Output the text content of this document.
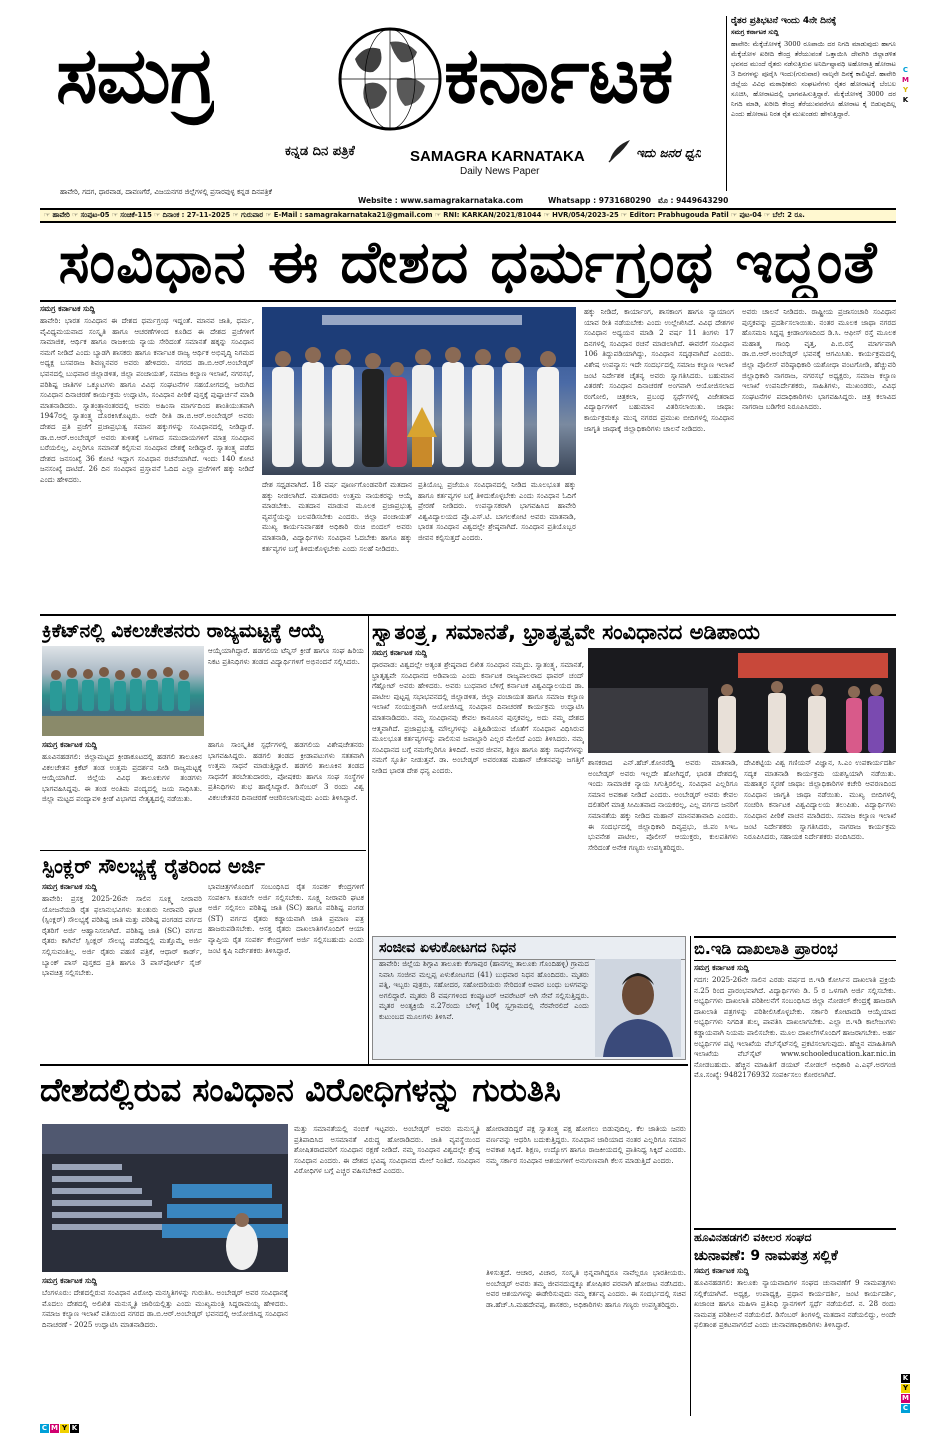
ಸಮಗ್ರ	ಕರ್ನಾಟಕ
ಕನ್ನಡ ದಿನ ಪತ್ರಿಕೆ	SAMAGRA KARNATAKA
Daily News Paper
ಇದು ಜನರ ಧ್ವನಿ
ರೈತರ ಪ್ರತಿಭಟನೆ ಇಂದು 4ನೇ ದಿನಕ್ಕೆ
ಸಮಗ್ರ ಕರ್ನಾಟಕ ಸುದ್ದಿ
ಹಾವೇರಿ: ಮೆಕ್ಕೆಜೋಳಕ್ಕೆ 3000 ರೂಪಾಯಿ ದರ ನಿಗದಿ ಮಾಡುವುದು ಹಾಗೂ ಮೆಕ್ಕೆಜೋಳ ಖರೀದಿ ಕೇಂದ್ರ ತೆರೆಯುವಂತೆ ಒತ್ತಾಯಿಸಿ ದೇವಗಿರಿ ಜಿಲ್ಲಾಡಳಿತ ಭವನದ ಮುಂದೆ ರೈತರು ನಡೆಸುತ್ತಿರುವ ಅನಿರ್ದಿಷ್ಟಾವಧಿ ಅಹೋರಾತ್ರಿ ಹೋರಾಟ 3 ದಿನಗಳನ್ನು ಪೂರೈಸಿ ಇಂದು(ಗುರುವಾರ) ನಾಲ್ಕನೇ ದಿನಕ್ಕೆ ಕಾಲಿಟ್ಟಿದೆ. ಹಾವೇರಿ ಜಿಲ್ಲೆಯ ವಿವಿಧ ಮಠಾಧೀಶರು ಸಂಘಟನೆಗಳು ರೈತರ ಹೋರಾಟಕ್ಕೆ ಬೆಂಬಲ ಸೂಚಿಸಿ, ಹೋರಾಟದಲ್ಲಿ ಭಾಗವಹಿಸುತ್ತಿದ್ದಾರೆ. ಮೆಕ್ಕೆಜೋಳಕ್ಕೆ 3000 ದರ ನಿಗದಿ ಮಾಡಿ, ಖರೀದಿ ಕೇಂದ್ರ ತೆರೆಯುವವರೆಗೂ ಹೋರಾಟ ಕೈ ಬಿಡುವುದಿಲ್ಲ ಎಂದು ಹೋರಾಟ ನಿರತ ರೈತ ಮುಖಂಡರು ಹೇಳುತ್ತಿದ್ದಾರೆ.
C
M
Y
K
ಹಾವೇರಿ, ಗದಗ, ಧಾರವಾಡ, ದಾವಣಗೆರೆ, ವಿಜಯನಗರ ಜಿಲ್ಲೆಗಳಲ್ಲಿ ಪ್ರಸಾರವುಳ್ಳ ಕನ್ನಡ ದಿನಪತ್ರಿಕೆ
Website : www.samagrakarnataka.com	Whatsapp : 9731680290 ಮೊ : 9449643290
☞ ಹಾವೇರಿ ☞ ಸಂಪುಟ-05 ☞ ಸಂಚಿಕೆ-115 ☞ ದಿನಾಂಕ : 27-11-2025 ☞ ಗುರುವಾರ ☞ E-Mail : samagrakarnataka21@gmail.com ☞ RNI: KARKAN/2021/81044 ☞ HVR/054/2023-25 ☞ Editor: Prabhugouda Patil ☞ ಪುಟ-04 ☞ ಬೆಲೆ: 2 ರೂ.
ಸಂವಿಧಾನ ಈ ದೇಶದ ಧರ್ಮಗ್ರಂಥ ಇದ್ದಂತೆ
ಸಮಗ್ರ ಕರ್ನಾಟಕ ಸುದ್ದಿ
ಹಾವೇರಿ: ಭಾರತ ಸಂವಿಧಾನ ಈ ದೇಶದ ಧರ್ಮಗ್ರಂಥ ಇದ್ದಂತೆ. ಮಾನವ ಜಾತಿ, ಧರ್ಮ, ವೈವಿಧ್ಯಮಯವಾದ ಸಂಸ್ಕೃತಿ ಹಾಗೂ ಆಚರಣೆಗಳಿಂದ ಕೂಡಿದ ಈ ದೇಶದ ಪ್ರಜೆಗಳಿಗೆ ಸಾಮಾಜಿಕ, ಆರ್ಥಿಕ ಹಾಗೂ ರಾಜಕೀಯ ನ್ಯಾಯ ಸೇರಿದಂತೆ ಸಮಾನತೆ ಹಕ್ಕನ್ನು ಸಂವಿಧಾನ ನಮಗೆ ನೀಡಿದೆ ಎಂದು ಬ್ಯಾಡಗಿ ಶಾಸಕರು ಹಾಗೂ ಕರ್ನಾಟಕ ರಾಜ್ಯ ಆರ್ಥಿಕ ಅಭಿವೃದ್ಧಿ ನಿಗಮದ ಅಧ್ಯಕ್ಷ ಬಸವರಾಜ ಶಿವಣ್ಣನವರ ಅವರು ಹೇಳಿದರು. ನಗರದ ಡಾ.ಬಿ.ಆರ್.ಅಂಬೇಡ್ಕರ್ ಭವನದಲ್ಲಿ ಬುಧವಾರ ಜಿಲ್ಲಾಡಳಿತ, ಜಿಲ್ಲಾ ಪಂಚಾಯತ್, ಸಮಾಜ ಕಲ್ಯಾಣ ಇಲಾಖೆ, ನಗರಸಭೆ, ಪರಿಶಿಷ್ಟ ಜಾತಿಗಳ ಒಕ್ಕೂಟಗಳು ಹಾಗೂ ವಿವಿಧ ಸಂಘಟನೆಗಳ ಸಹಯೋಗದಲ್ಲಿ ಜರುಗಿದ ಸಂವಿಧಾನ ದಿನಾಚರಣೆ ಕಾರ್ಯಕ್ರಮ ಉದ್ಘಾಟಿಸಿ, ಸಂವಿಧಾನ ಪೀಠಿಕೆ ಪುಸ್ತಕ್ಕೆ ಪುಷ್ಪಾರ್ಚನೆ ಮಾಡಿ ಮಾತನಾಡಿದರು. ಸ್ವಾತಂತ್ರ್ಯಾನಂತರದಲ್ಲಿ ಅವರು ಅಹಿಂಸಾ ಮಾರ್ಗದಿಂದ ಶಾಂತಿಯುತವಾಗಿ 1947ರಲ್ಲಿ ಸ್ವಾತಂತ್ರ್ಯ ದೊರಕಿಸಿಕೊಟ್ಟರು. ಅದೇ ರೀತಿ ಡಾ.ಬಿ.ಆರ್.ಅಂಬೇಡ್ಕರ್ ಅವರು ದೇಶದ ಪ್ರತಿ ಪ್ರಜೆಗೆ ಪ್ರಜಾಪ್ರಭುತ್ವ ಸಮಾನ ಹಕ್ಕುಗಳನ್ನು ಸಂವಿಧಾನದಲ್ಲಿ ನೀಡಿದ್ದಾರೆ. ಡಾ.ಬಿ.ಆರ್.ಅಂಬೇಡ್ಕರ್ ಅವರು ತುಳಿತಕ್ಕೆ ಒಳಗಾದ ಸಮುದಾಯಗಳಿಗೆ ಮಾತ್ರ ಸಂವಿಧಾನ ಬರೆಯಲಿಲ್ಲ, ಎಲ್ಲರಿಗೂ ಸಮಾನತೆ ಕಲ್ಪಿಸುವ ಸಂವಿಧಾನ ದೇಶಕ್ಕೆ ನೀಡಿದ್ದಾರೆ. ಸ್ವಾತಂತ್ರ್ಯ ಪಡೆದ ದೇಶದ ಜನಸಂಖ್ಯೆ 36 ಕೋಟಿ ಇದ್ದಾಗ ಸಂವಿಧಾನ ರಚನೆಯಾಗಿದೆ. ಇಂದು 140 ಕೋಟಿ ಜನಸಂಖ್ಯೆ ದಾಟಿದೆ. 26 ದಿನ ಸಂವಿಧಾನ ಪ್ರಸ್ತಾವನೆ ಓದಿದ ಎಲ್ಲಾ ಪ್ರಜೆಗಳಿಗೆ ಹಕ್ಕು ನೀಡಿದೆ ಎಂದು ಹೇಳಿದರು.
ದೇಶ ಸಧೃಡವಾಗಿದೆ. 18 ವರ್ಷ ಪೂರ್ಣಗೊಂಡವರಿಗೆ ಮತದಾನ ಹಕ್ಕು ನೀಡಲಾಗಿದೆ. ಮತದಾರರು ಉತ್ತಮ ನಾಯಕರನ್ನು ಆಯ್ಕೆ ಮಾಡಬೇಕು. ಮತದಾನ ಮಾಡುವ ಮೂಲಕ ಪ್ರಜಾಪ್ರಭುತ್ವ ವ್ಯವಸ್ಥೆಯನ್ನು ಬಲಪಡಿಸಬೇಕು ಎಂದರು. ಜಿಲ್ಲಾ ಪಂಚಾಯತ್ ಮುಖ್ಯ ಕಾರ್ಯನಿರ್ವಾಹಕ ಅಧಿಕಾರಿ ರುಚಿ ಬಿಂದಲ್ ಅವರು ಮಾತನಾಡಿ, ವಿದ್ಯಾರ್ಥಿಗಳು ಸಂವಿಧಾನ ಓದಬೇಕು ಹಾಗೂ ಹಕ್ಕು ಕರ್ತವ್ಯಗಳ ಬಗ್ಗೆ ತಿಳಿದುಕೊಳ್ಳಬೇಕು ಎಂದು ಸಲಹೆ ನೀಡಿದರು.
ಪ್ರತಿಯೊಬ್ಬ ಪ್ರಜೆಯೂ ಸಂವಿಧಾನದಲ್ಲಿ ನೀಡಿದ ಮೂಲಭೂತ ಹಕ್ಕು ಹಾಗೂ ಕರ್ತವ್ಯಗಳ ಬಗ್ಗೆ ತಿಳಿದುಕೊಳ್ಳಬೇಕು ಎಂದು ಸಂವಿಧಾನ ಓದಿಗೆ ಪ್ರೇರಣೆ ನೀಡಿದರು. ಉಪನ್ಯಾಸಕರಾಗಿ ಭಾಗವಹಿಸಿದ ಹಾವೇರಿ ವಿಶ್ವವಿದ್ಯಾಲಯದ ಪ್ರೊ.ಎಸ್.ಟಿ. ಬಾಗಲಕೋಟಿ ಅವರು ಮಾತನಾಡಿ, ಭಾರತ ಸಂವಿಧಾನ ವಿಶ್ವದಲ್ಲೇ ಶ್ರೇಷ್ಠವಾಗಿದೆ. ಸಂವಿಧಾನ ಪ್ರತಿಯೊಬ್ಬರ ಜೀವನ ಕಲ್ಪಿಸುತ್ತದೆ ಎಂದರು.
ಹಕ್ಕು ನೀಡಿದೆ, ಕಾರ್ಯಾಂಗ, ಶಾಸಕಾಂಗ ಹಾಗೂ ನ್ಯಾಯಾಂಗ ಯಾವ ರೀತಿ ನಡೆಯಬೇಕು ಎಂದು ಉಲ್ಲೇಖಿಸಿದೆ. ವಿವಿಧ ದೇಶಗಳ ಸಂವಿಧಾನ ಅಧ್ಯಯನ ಮಾಡಿ 2 ವರ್ಷ 11 ತಿಂಗಳು 17 ದಿನಗಳಲ್ಲಿ ಸಂವಿಧಾನ ರಚನೆ ಮಾಡಲಾಗಿದೆ. ಈವರೆಗೆ ಸಂವಿಧಾನ 106 ತಿದ್ದುಪಡಿಯಾಗಿದ್ದು, ಸಂವಿಧಾನ ಸದೃಢವಾಗಿದೆ ಎಂದರು. ವಿಶೇಷ ಉಪನ್ಯಾಸ: ಇದೇ ಸಂದರ್ಭದಲ್ಲಿ ಸಮಾಜ ಕಲ್ಯಾಣ ಇಲಾಖೆ ಜಂಟಿ ನಿರ್ದೇಶಕ ಚೈತನ್ಯ ಅವರು ಸ್ವಾಗತಿಸಿದರು. ಬಹುಮಾನ ವಿತರಣೆ: ಸಂವಿಧಾನ ದಿನಾಚರಣೆ ಅಂಗವಾಗಿ ಆಯೋಜಿಸಲಾದ ರಂಗೋಲಿ, ಚಿತ್ರಕಲಾ, ಪ್ರಬಂಧ ಸ್ಪರ್ಧೆಗಳಲ್ಲಿ ವಿಜೇತರಾದ ವಿದ್ಯಾರ್ಥಿಗಳಿಗೆ ಬಹುಮಾನ ವಿತರಿಸಲಾಯಿತು. ಜಾಥಾ: ಕಾರ್ಯಕ್ರಮಕ್ಕೂ ಮುನ್ನ ನಗರದ ಪ್ರಮುಖ ಬೀದಿಗಳಲ್ಲಿ ಸಂವಿಧಾನ ಜಾಗೃತಿ ಜಾಥಾಕ್ಕೆ ಜಿಲ್ಲಾಧಿಕಾರಿಗಳು ಚಾಲನೆ ನೀಡಿದರು.
ಅವರು ಚಾಲನೆ ನೀಡಿದರು. ರಾಷ್ಟ್ರೀಯ ಪ್ರಜಾಸಂಚಾರಿ ಸಂವಿಧಾನ ಪುಸ್ತಕವನ್ನು ಪ್ರದರ್ಶಿಸಲಾಯಿತು. ನಂತರ ಮೂಲಕ ಜಾಥಾ ನಗರದ ಹೊಸಮನಿ ಸಿದ್ದಪ್ಪ ಕ್ರೀಡಾಂಗಣದಿಂದ ಡಿ.ಸಿ. ಆಫೀಸ್ ರಸ್ತೆ ಮೂಲಕ ಮಹಾತ್ಮ ಗಾಂಧಿ ವೃತ್ತ, ಪಿ.ಬಿ.ರಸ್ತೆ ಮಾರ್ಗವಾಗಿ ಡಾ.ಬಿ.ಆರ್.ಅಂಬೇಡ್ಕರ್ ಭವನಕ್ಕೆ ಆಗಮಿಸಿತು. ಕಾರ್ಯಕ್ರಮದಲ್ಲಿ ಜಿಲ್ಲಾ ಪೊಲೀಸ್ ವರಿಷ್ಠಾಧಿಕಾರಿ ಯಶೋಧಾ ವಂಟಗೋಡಿ, ಹೆಚ್ಚುವರಿ ಜಿಲ್ಲಾಧಿಕಾರಿ ನಾಗರಾಜ, ನಗರಸಭೆ ಅಧ್ಯಕ್ಷರು, ಸಮಾಜ ಕಲ್ಯಾಣ ಇಲಾಖೆ ಉಪನಿರ್ದೇಶಕರು, ಸಾಹಿತಿಗಳು, ಮುಖಂಡರು, ವಿವಿಧ ಸಂಘಟನೆಗಳ ಪದಾಧಿಕಾರಿಗಳು ಭಾಗವಹಿಸಿದ್ದರು. ಚಿತ್ರ ಕಲಾವಿದ ನಾಗರಾಜ ಬಡಿಗೇರ ನಿರೂಪಿಸಿದರು.
ಕ್ರಿಕೆಟ್‌ನಲ್ಲಿ ವಿಕಲಚೇತನರು ರಾಜ್ಯಮಟ್ಟಕ್ಕೆ ಆಯ್ಕೆ
ಆಯ್ಕೆಯಾಗಿದ್ದಾರೆ. ಹಡಗಲಿಯ ಟೆನ್ನಿಸ್ ಕ್ರೀಡೆ ಹಾಗೂ ಸಂಘ ಹಿರಿಯ ನಿಕಟ ಪ್ರತಿನಿಧಿಗಳು ತಂಡದ ವಿದ್ಯಾರ್ಥಿಗಳಿಗೆ ಅಭಿನಂದನೆ ಸಲ್ಲಿಸಿದರು.
ಸಮಗ್ರ ಕರ್ನಾಟಕ ಸುದ್ದಿ
ಹೂವಿನಹಡಗಲಿ: ಜಿಲ್ಲಾಮಟ್ಟದ ಕ್ರೀಡಾಕೂಟದಲ್ಲಿ ಹಡಗಲಿ ತಾಲೂಕಿನ ವಿಕಲಚೇತನ ಕ್ರಿಕೆಟ್ ತಂಡ ಉತ್ತಮ ಪ್ರದರ್ಶನ ನೀಡಿ ರಾಜ್ಯಮಟ್ಟಕ್ಕೆ ಆಯ್ಕೆಯಾಗಿದೆ. ಜಿಲ್ಲೆಯ ವಿವಿಧ ತಾಲೂಕುಗಳ ತಂಡಗಳು ಭಾಗವಹಿಸಿದ್ದವು. ಈ ತಂಡ ಅಂತಿಮ ಪಂದ್ಯದಲ್ಲಿ ಜಯ ಸಾಧಿಸಿತು. ಜಿಲ್ಲಾ ಮಟ್ಟದ ಪಂದ್ಯಾವಳಿ ಕ್ರೀಡೆ ವಿಭಾಗದ ನೇತೃತ್ವದಲ್ಲಿ ನಡೆಯಿತು.
ಹಾಗೂ ಸಾಂಸ್ಕೃತಿಕ ಸ್ಪರ್ಧೆಗಳಲ್ಲಿ ಹಡಗಲಿಯ ವಿಶೇಷಚೇತನರು ಭಾಗವಹಿಸಿದ್ದರು. ಹಡಗಲಿ ತಂಡದ ಕ್ರೀಡಾಪಟುಗಳು ಸತತವಾಗಿ ಉತ್ತಮ ಸಾಧನೆ ಮಾಡುತ್ತಿದ್ದಾರೆ. ಹಡಗಲಿ ತಾಲೂಕಿನ ತಂಡದ ಸಾಧನೆಗೆ ತರಬೇತುದಾರರು, ಪೋಷಕರು ಹಾಗೂ ಸಂಘ ಸಂಸ್ಥೆಗಳ ಪ್ರತಿನಿಧಿಗಳು ಶುಭ ಹಾರೈಸಿದ್ದಾರೆ. ಡಿಸೆಂಬರ್ 3 ರಂದು ವಿಶ್ವ ವಿಕಲಚೇತನರ ದಿನಾಚರಣೆ ಆಚರಿಸಲಾಗುವುದು ಎಂದು ತಿಳಿಸಿದ್ದಾರೆ.
ಸ್ಪಿಂಕ್ಲರ್ ಸೌಲಭ್ಯಕ್ಕೆ ರೈತರಿಂದ ಅರ್ಜಿ
ಸಮಗ್ರ ಕರ್ನಾಟಕ ಸುದ್ದಿ
ಹಾವೇರಿ: ಪ್ರಸಕ್ತ 2025-26ನೇ ಸಾಲಿನ ಸೂಕ್ಷ್ಮ ನೀರಾವರಿ ಯೋಜನೆಯಡಿ ರೈತ ಫಲಾನುಭವಿಗಳು ತುಂತುರು ನೀರಾವರಿ ಘಟಕ (ಸ್ಪಿಂಕ್ಲರ್) ಸೌಲಭ್ಯಕ್ಕೆ ಪರಿಶಿಷ್ಟ ಜಾತಿ ಮತ್ತು ಪರಿಶಿಷ್ಟ ಪಂಗಡದ ವರ್ಗದ ರೈತರಿಗೆ ಅರ್ಜಿ ಆಹ್ವಾನಿಸಲಾಗಿದೆ. ಪರಿಶಿಷ್ಟ ಜಾತಿ (SC) ವರ್ಗದ ರೈತರು ಕಾಗಿನೆಲೆ ಸ್ಪಿಂಕ್ಲರ್ ಸೌಲಭ್ಯ ಪಡೆದಿದ್ದಲ್ಲಿ ಮತ್ತೊಮ್ಮೆ ಅರ್ಜಿ ಸಲ್ಲಿಸುವಂತಿಲ್ಲ. ಅರ್ಜಿ ರೈತರು ಪಹಣಿ ಪತ್ರಿಕೆ, ಆಧಾರ್ ಕಾರ್ಡ್, ಬ್ಯಾಂಕ್ ಪಾಸ್ ಪುಸ್ತಕದ ಪ್ರತಿ ಹಾಗೂ 3 ಪಾಸ್‌ಪೋರ್ಟ್ ಸೈಜ್ ಭಾವಚಿತ್ರ ಸಲ್ಲಿಸಬೇಕು.
ಭಾವಚಿತ್ರಗಳೊಂದಿಗೆ ಸಂಬಂಧಿಸಿದ ರೈತ ಸಂಪರ್ಕ ಕೇಂದ್ರಗಳಿಗೆ ಸಂಪರ್ಕಿಸಿ ಕೂಡಲೇ ಅರ್ಜಿ ಸಲ್ಲಿಸಬೇಕು. ಸೂಕ್ಷ್ಮ ನೀರಾವರಿ ಘಟಕ ಅರ್ಜಿ ಸಲ್ಲಿಸಲು ಪರಿಶಿಷ್ಟ ಜಾತಿ (SC) ಹಾಗೂ ಪರಿಶಿಷ್ಟ ಪಂಗಡ (ST) ವರ್ಗದ ರೈತರು ಕಡ್ಡಾಯವಾಗಿ ಜಾತಿ ಪ್ರಮಾಣ ಪತ್ರ ಹಾಜರುಪಡಿಸಬೇಕು. ಆಸಕ್ತ ರೈತರು ದಾಖಲಾತಿಗಳೊಂದಿಗೆ ಆಯಾ ವ್ಯಾಪ್ತಿಯ ರೈತ ಸಂಪರ್ಕ ಕೇಂದ್ರಗಳಿಗೆ ಅರ್ಜಿ ಸಲ್ಲಿಸಬಹುದು ಎಂದು ಜಂಟಿ ಕೃಷಿ ನಿರ್ದೇಶಕರು ತಿಳಿಸಿದ್ದಾರೆ.
ಸ್ವಾತಂತ್ರ್ಯ, ಸಮಾನತೆ, ಭ್ರಾತೃತ್ವವೇ ಸಂವಿಧಾನದ ಅಡಿಪಾಯ
ಸಮಗ್ರ ಕರ್ನಾಟಕ ಸುದ್ದಿ
ಧಾರವಾಡ: ವಿಶ್ವದಲ್ಲೇ ಅತ್ಯಂತ ಶ್ರೇಷ್ಠವಾದ ಲಿಖಿತ ಸಂವಿಧಾನ ನಮ್ಮದು. ಸ್ವಾತಂತ್ರ್ಯ, ಸಮಾನತೆ, ಭ್ರಾತೃತ್ವವೇ ಸಂವಿಧಾನದ ಅಡಿಪಾಯ ಎಂದು ಕರ್ನಾಟಕ ರಾಜ್ಯಪಾಲರಾದ ಥಾವರ್ ಚಂದ್ ಗೆಹ್ಲೋಟ್ ಅವರು ಹೇಳಿದರು. ಅವರು ಬುಧವಾರ ಬೆಳಿಗ್ಗೆ ಕರ್ನಾಟಕ ವಿಶ್ವವಿದ್ಯಾಲಯದ ಡಾ. ಪಾಟೀಲ ಪುಟ್ಟಪ್ಪ ಸಭಾಭವನದಲ್ಲಿ ಜಿಲ್ಲಾಡಳಿತ, ಜಿಲ್ಲಾ ಪಂಚಾಯತ ಹಾಗೂ ಸಮಾಜ ಕಲ್ಯಾಣ ಇಲಾಖೆ ಸಂಯುಕ್ತವಾಗಿ ಆಯೋಜಿಸಿದ್ದ ಸಂವಿಧಾನ ದಿನಾಚರಣೆ ಕಾರ್ಯಕ್ರಮ ಉದ್ಘಾಟಿಸಿ ಮಾತನಾಡಿದರು. ನಮ್ಮ ಸಂವಿಧಾನವು ಕೇವಲ ಕಾನೂನಿನ ಪುಸ್ತಕವಲ್ಲ, ಅದು ನಮ್ಮ ದೇಶದ ಆತ್ಮವಾಗಿದೆ. ಪ್ರಜಾಪ್ರಭುತ್ವ ಮೌಲ್ಯಗಳನ್ನು ಎತ್ತಿಹಿಡಿಯುವ ಜೊತೆಗೆ ಸಂವಿಧಾನ ವಿಧಿಸಿರುವ ಮೂಲಭೂತ ಕರ್ತವ್ಯಗಳನ್ನು ಪಾಲಿಸುವ ಜವಾಬ್ದಾರಿ ಎಲ್ಲರ ಮೇಲಿದೆ ಎಂದು ತಿಳಿಸಿದರು. ನಮ್ಮ ಸಂವಿಧಾನದ ಬಗ್ಗೆ ನಮಗೆಲ್ಲರಿಗೂ ತಿಳಿದಿದೆ. ಅವರ ಜೀವನ, ಶಿಕ್ಷಣ ಹಾಗೂ ಹಕ್ಕು ಸಾಧನೆಗಳನ್ನು ನಮಗೆ ಸ್ಫೂರ್ತಿ ನೀಡುತ್ತವೆ. ಡಾ. ಅಂಬೇಡ್ಕರ್ ಅವರಂತಹ ಮಹಾನ್ ಚೇತನವನ್ನು ಜಗತ್ತಿಗೆ ನೀಡಿದ ಭಾರತ ದೇಶ ಧನ್ಯ ಎಂದರು.
ಶಾಸಕರಾದ ಎನ್.ಹೆಚ್.ಕೋನರೆಡ್ಡಿ ಅವರು ಮಾತನಾಡಿ, ಅಂಬೇಡ್ಕರ್ ಅವರು ಇಲ್ಲದೇ ಹೋಗಿದ್ದರೆ, ಭಾರತ ದೇಶದಲ್ಲಿ ಇಂದು ಸಾಮಾಜಿಕ ನ್ಯಾಯ ಸಿಗುತ್ತಿರಲಿಲ್ಲ. ಸಂವಿಧಾನ ಎಲ್ಲರಿಗೂ ಸಮಾನ ಅವಕಾಶ ನೀಡಿದೆ ಎಂದರು. ಅಂಬೇಡ್ಕರ್ ಅವರು ಕೇವಲ ದಲಿತರಿಗೆ ಮಾತ್ರ ಸೀಮಿತವಾದ ನಾಯಕರಲ್ಲ, ಎಲ್ಲ ವರ್ಗದ ಜನರಿಗೆ ಸಮಾನತೆಯ ಹಕ್ಕು ನೀಡಿದ ಮಹಾನ್ ಮಾನವತಾವಾದಿ ಎಂದರು. ಈ ಸಂದರ್ಭದಲ್ಲಿ ಜಿಲ್ಲಾಧಿಕಾರಿ ದಿವ್ಯಪ್ರಭು, ಜಿ.ಪಂ ಸಿಇಒ ಭುವನೇಶ ಪಾಟೀಲ, ಪೊಲೀಸ್ ಆಯುಕ್ತರು, ಕುಲಪತಿಗಳು ಸೇರಿದಂತೆ ಅನೇಕ ಗಣ್ಯರು ಉಪಸ್ಥಿತರಿದ್ದರು.
ದೇವಿಕಟ್ಟಿಯ ವಿಶ್ವ ಗಣಿಯನ್ ವಿಜ್ಞಾನ, ಸಿ.ಎಂ ಉಪಕಾರ್ಯದರ್ಶಿ ಸದ್ಯಕ ಮಾತನಾಡಿ ಕಾರ್ಯಕ್ರಮ ಯಶಸ್ವಿಯಾಗಿ ನಡೆಯಿತು. ಮಹಾತ್ಮರ ಸ್ಮರಣೆ ಜಾಥಾ: ಜಿಲ್ಲಾಧಿಕಾರಿಗಳ ಕಚೇರಿ ಆವರಣದಿಂದ ಸಂವಿಧಾನ ಜಾಗೃತಿ ಜಾಥಾ ನಡೆಯಿತು. ಮುಖ್ಯ ಬೀದಿಗಳಲ್ಲಿ ಸಂಚರಿಸಿ ಕರ್ನಾಟಕ ವಿಶ್ವವಿದ್ಯಾಲಯ ತಲುಪಿತು. ವಿದ್ಯಾರ್ಥಿಗಳು ಸಂವಿಧಾನ ಪೀಠಿಕೆ ವಾಚನ ಮಾಡಿದರು. ಸಮಾಜ ಕಲ್ಯಾಣ ಇಲಾಖೆ ಜಂಟಿ ನಿರ್ದೇಶಕರು ಸ್ವಾಗತಿಸಿದರು, ನಾಗರಾಜ ಕಾರ್ಯಕ್ರಮ ನಿರೂಪಿಸಿದರು, ಸಹಾಯಕ ನಿರ್ದೇಶಕರು ವಂದಿಸಿದರು.
ಸಂಜೀವ ಏಳುಕೋಟಗದ ನಿಧನ
ಹಾವೇರಿ: ಜಿಲ್ಲೆಯ ಶಿಗ್ಗಾವಿ ತಾಲೂಕು ಕೆಂಗಾಪುರ (ಹಾನಗಲ್ಲ ತಾಲೂಕು ಗೊಂದಿಹಳ್ಳಿ) ಗ್ರಾಮದ ನಿವಾಸಿ ಸಂಜೀವ ಮಲ್ಲಪ್ಪ ಏಳುಕೋಟಗದ (41) ಬುಧವಾರ ನಿಧನ ಹೊಂದಿದರು. ಮೃತರು ಪತ್ನಿ, ಇಬ್ಬರು ಪುತ್ರರು, ಸಹೋದರ, ಸಹೋದರಿಯರು ಸೇರಿದಂತೆ ಅಪಾರ ಬಂಧು ಬಳಗವನ್ನು ಅಗಲಿದ್ದಾರೆ. ಮೃತರು 8 ವರ್ಷಗಳಿಂದ ಕಂಪ್ಯೂಟರ್ ಆಪರೇಟರ್ ಆಗಿ ಸೇವೆ ಸಲ್ಲಿಸುತ್ತಿದ್ದರು. ಮೃತರ ಅಂತ್ಯಕ್ರಿಯೆ ನ.27ರಂದು ಬೆಳಿಗ್ಗೆ 10ಕ್ಕೆ ಸ್ವಗ್ರಾಮದಲ್ಲಿ ನೆರವೇರಲಿದೆ ಎಂದು ಕುಟುಂಬದ ಮೂಲಗಳು ತಿಳಿಸಿವೆ.
ಬಿ.ಇಡಿ ದಾಖಲಾತಿ ಪ್ರಾರಂಭ
ಸಮಗ್ರ ಕರ್ನಾಟಕ ಸುದ್ದಿ
ಗದಗ: 2025-26ನೇ ಸಾಲಿನ ಎರಡು ವರ್ಷದ ಬಿ.ಇಡಿ ಕೋರ್ಸಿನ ದಾಖಲಾತಿ ಪ್ರಕ್ರಿಯೆ ನ.25 ರಿಂದ ಪ್ರಾರಂಭವಾಗಿದೆ. ವಿದ್ಯಾರ್ಥಿಗಳು ಡಿ. 5 ರ ಒಳಗಾಗಿ ಅರ್ಜಿ ಸಲ್ಲಿಸಬೇಕು. ಅಭ್ಯರ್ಥಿಗಳು ದಾಖಲಾತಿ ಪರಿಶೀಲನೆಗೆ ಸಂಬಂಧಿಸಿದ ಜಿಲ್ಲಾ ನೋಡಲ್ ಕೇಂದ್ರಕ್ಕೆ ಹಾಜರಾಗಿ ದಾಖಲಾತಿ ಪತ್ರಗಳನ್ನು ಪರಿಶೀಲಿಸಿಕೊಳ್ಳಬೇಕು. ಸರ್ಕಾರಿ ಕೋಟಾದಡಿ ಆಯ್ಕೆಯಾದ ಅಭ್ಯರ್ಥಿಗಳು ನಿಗದಿತ ಶುಲ್ಕ ಪಾವತಿಸಿ ದಾಖಲಾಗಬೇಕು. ಎಲ್ಲಾ ಬಿ.ಇಡಿ ಕಾಲೇಜುಗಳು ಕಡ್ಡಾಯವಾಗಿ ನಿಯಮ ಪಾಲಿಸಬೇಕು. ಮೂಲ ದಾಖಲೆಗಳೊಂದಿಗೆ ಹಾಜರಾಗಬೇಕು. ಅರ್ಹ ಅಭ್ಯರ್ಥಿಗಳ ಪಟ್ಟಿ ಇಲಾಖೆಯ ವೆಬ್‌ಸೈಟ್‌ನಲ್ಲಿ ಪ್ರಕಟಿಸಲಾಗುವುದು. ಹೆಚ್ಚಿನ ಮಾಹಿತಿಗಾಗಿ ಇಲಾಖೆಯ ವೆಬ್‌ಸೈಟ್ www.schooleducation.kar.nic.in ನೋಡಬಹುದು. ಹೆಚ್ಚಿನ ಮಾಹಿತಿಗೆ ಡಯಟ್ ನೋಡಲ್ ಅಧಿಕಾರಿ ಎ.ಎಫ್.ಅರಗಂಜಿ ಮೊ.ಸಂಖ್ಯೆ: 9482176932 ಸಂಪರ್ಕಿಸಲು ಕೋರಲಾಗಿದೆ.
ದೇಶದಲ್ಲಿರುವ ಸಂವಿಧಾನ ವಿರೋಧಿಗಳನ್ನು ಗುರುತಿಸಿ
ಸಮಗ್ರ ಕರ್ನಾಟಕ ಸುದ್ದಿ
ಬೆಂಗಳೂರು: ದೇಶದಲ್ಲಿರುವ ಸಂವಿಧಾನ ವಿರೋಧಿ ಮನಸ್ಥಿತಿಗಳನ್ನು ಗುರುತಿಸಿ. ಅಂಬೇಡ್ಕರ್ ಅವರ ಸಂವಿಧಾನಕ್ಕೆ ಮೊದಲು ದೇಶದಲ್ಲಿ ಅಲಿಖಿತ ಮನುಸ್ಮೃತಿ ಜಾರಿಯಲ್ಲಿತ್ತು ಎಂದು ಮುಖ್ಯಮಂತ್ರಿ ಸಿದ್ದರಾಮಯ್ಯ ಹೇಳಿದರು. ಸಮಾಜ ಕಲ್ಯಾಣ ಇಲಾಖೆ ವತಿಯಿಂದ ನಗರದ ಡಾ.ಬಿ.ಆರ್.ಅಂಬೇಡ್ಕರ್ ಭವನದಲ್ಲಿ ಆಯೋಜಿಸಿದ್ದ ಸಂವಿಧಾನ ದಿನಾಚರಣೆ - 2025 ಉದ್ಘಾಟಿಸಿ ಮಾತನಾಡಿದರು.
ಮತ್ತು ಸಮಾನತೆಯಲ್ಲಿ ನಂಬಿಕೆ ಇಟ್ಟವರು. ಅಂಬೇಡ್ಕರ್ ಅವರು ಮನುಸ್ಮೃತಿ ಪ್ರತಿಪಾದಿಸಿದ ಅಸಮಾನತೆ ವಿರುದ್ಧ ಹೋರಾಡಿದರು. ಜಾತಿ ವ್ಯವಸ್ಥೆಯಿಂದ ಶೋಷಿತರಾದವರಿಗೆ ಸಂವಿಧಾನ ರಕ್ಷಣೆ ನೀಡಿದೆ. ನಮ್ಮ ಸಂವಿಧಾನ ವಿಶ್ವದಲ್ಲೇ ಶ್ರೇಷ್ಠ ಸಂವಿಧಾನ ಎಂದರು. ಈ ದೇಶದ ಭವಿಷ್ಯ ಸಂವಿಧಾನದ ಮೇಲೆ ನಿಂತಿದೆ. ಸಂವಿಧಾನ ವಿರೋಧಿಗಳ ಬಗ್ಗೆ ಎಚ್ಚರ ವಹಿಸಬೇಕಿದೆ ಎಂದರು.
ಹೋರಾಡದಿದ್ದರೆ ಪಕ್ಷ ಸ್ವಾತಂತ್ರ್ಯ ಪಕ್ಷ ಹೋಗಲು ಬಿಡುವುದಿಲ್ಲ. ಕೆಲ ಜಾತಿಯ ಜನರು ವರ್ಣವನ್ನು ಆಧರಿಸಿ ಬದುಕುತ್ತಿದ್ದರು. ಸಂವಿಧಾನ ಜಾರಿಯಾದ ನಂತರ ಎಲ್ಲರಿಗೂ ಸಮಾನ ಅವಕಾಶ ಸಿಕ್ಕಿದೆ. ಶಿಕ್ಷಣ, ಉದ್ಯೋಗ ಹಾಗೂ ರಾಜಕೀಯದಲ್ಲಿ ಪ್ರಾತಿನಿಧ್ಯ ಸಿಕ್ಕಿದೆ ಎಂದರು. ನಮ್ಮ ಸರ್ಕಾರ ಸಂವಿಧಾನ ಆಶಯಗಳಿಗೆ ಅನುಗುಣವಾಗಿ ಕೆಲಸ ಮಾಡುತ್ತಿದೆ ಎಂದರು.
ತಿಳಿಸುತ್ತದೆ. ಆಚಾರ, ವಿಚಾರ, ಸಂಸ್ಕೃತಿ ಭಿನ್ನವಾಗಿದ್ದರೂ ನಾವೆಲ್ಲರೂ ಭಾರತೀಯರು. ಅಂಬೇಡ್ಕರ್ ಅವರು ತಮ್ಮ ಜೀವನದುದ್ದಕ್ಕೂ ಶೋಷಿತರ ಪರವಾಗಿ ಹೋರಾಟ ನಡೆಸಿದರು. ಅವರ ಆಶಯಗಳನ್ನು ಈಡೇರಿಸುವುದು ನಮ್ಮ ಕರ್ತವ್ಯ ಎಂದರು. ಈ ಸಂದರ್ಭದಲ್ಲಿ ಸಚಿವ ಡಾ.ಹೆಚ್.ಸಿ.ಮಹದೇವಪ್ಪ, ಶಾಸಕರು, ಅಧಿಕಾರಿಗಳು ಹಾಗೂ ಗಣ್ಯರು ಉಪಸ್ಥಿತರಿದ್ದರು.
ಹೂವಿನಹಡಗಲಿ ವಕೀಲರ ಸಂಘದ
ಚುನಾವಣೆ: 9 ನಾಮಪತ್ರ ಸಲ್ಲಿಕೆ
ಸಮಗ್ರ ಕರ್ನಾಟಕ ಸುದ್ದಿ
ಹೂವಿನಹಡಗಲಿ: ತಾಲೂಕು ನ್ಯಾಯವಾದಿಗಳ ಸಂಘದ ಚುನಾವಣೆಗೆ 9 ನಾಮಪತ್ರಗಳು ಸಲ್ಲಿಕೆಯಾಗಿವೆ. ಅಧ್ಯಕ್ಷ, ಉಪಾಧ್ಯಕ್ಷ, ಪ್ರಧಾನ ಕಾರ್ಯದರ್ಶಿ, ಜಂಟಿ ಕಾರ್ಯದರ್ಶಿ, ಖಜಾಂಚಿ ಹಾಗೂ ಮಹಿಳಾ ಪ್ರತಿನಿಧಿ ಸ್ಥಾನಗಳಿಗೆ ಸ್ಪರ್ಧೆ ನಡೆಯಲಿದೆ. ನ. 28 ರಂದು ನಾಮಪತ್ರ ಪರಿಶೀಲನೆ ನಡೆಯಲಿದೆ. ಡಿಸೆಂಬರ್ ತಿಂಗಳಲ್ಲಿ ಮತದಾನ ನಡೆಯಲಿದ್ದು, ಅಂದೇ ಫಲಿತಾಂಶ ಪ್ರಕಟವಾಗಲಿದೆ ಎಂದು ಚುನಾವಣಾಧಿಕಾರಿಗಳು ತಿಳಿಸಿದ್ದಾರೆ.
C M Y K
K
Y
M
C
